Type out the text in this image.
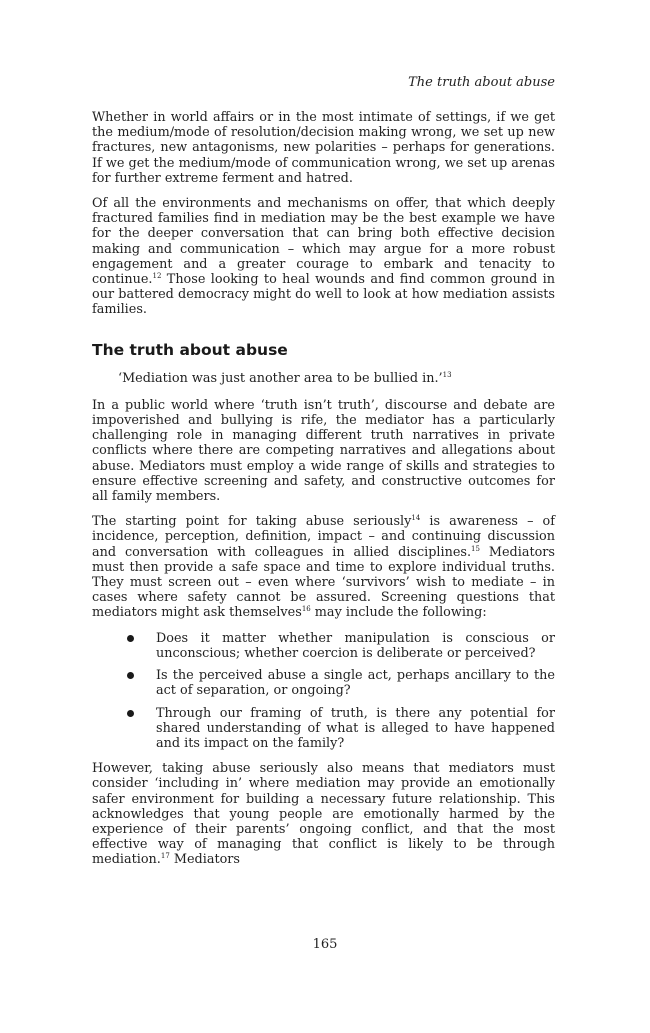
The truth about abuse

Whether in world affairs or in the most intimate of settings, if we get the medium/mode of resolution/decision making wrong, we set up new fractures, new antagonisms, new polarities – perhaps for generations. If we get the medium/mode of communication wrong, we set up arenas for further extreme ferment and hatred.

Of all the environments and mechanisms on offer, that which deeply fractured families find in mediation may be the best example we have for the deeper conversation that can bring both effective decision making and communication – which may argue for a more robust engagement and a greater courage to embark and tenacity to continue.$^{12}$ Those looking to heal wounds and find common ground in our battered democracy might do well to look at how mediation assists families.

The truth about abuse

‘Mediation was just another area to be bullied in.’$^{13}$

In a public world where ‘truth isn’t truth’, discourse and debate are impoverished and bullying is rife, the mediator has a particularly challenging role in managing different truth narratives in private conflicts where there are competing narratives and allegations about abuse. Mediators must employ a wide range of skills and strategies to ensure effective screening and safety, and constructive outcomes for all family members.

The starting point for taking abuse seriously$^{14}$ is awareness – of incidence, perception, definition, impact – and continuing discussion and conversation with colleagues in allied disciplines.$^{15}$ Mediators must then provide a safe space and time to explore individual truths. They must screen out – even where ‘survivors’ wish to mediate – in cases where safety cannot be assured. Screening questions that mediators might ask themselves$^{16}$ may include the following:

Does it matter whether manipulation is conscious or unconscious; whether coercion is deliberate or perceived?
Is the perceived abuse a single act, perhaps ancillary to the act of separation, or ongoing?
Through our framing of truth, is there any potential for shared understanding of what is alleged to have happened and its impact on the family?

However, taking abuse seriously also means that mediators must consider ‘including in’ where mediation may provide an emotionally safer environment for building a necessary future relationship. This acknowledges that young people are emotionally harmed by the experience of their parents’ ongoing conflict, and that the most effective way of managing that conflict is likely to be through mediation.$^{17}$ Mediators

165
